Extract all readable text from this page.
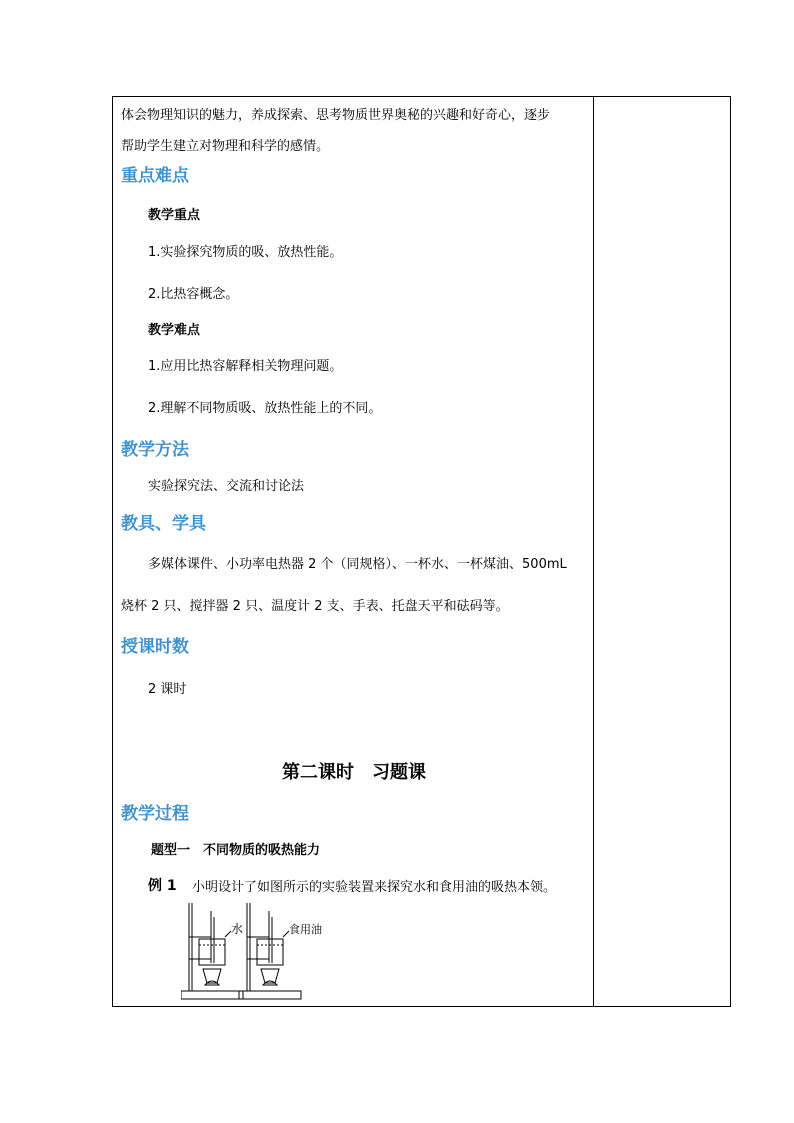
体会物理知识的魅力，养成探索、思考物质世界奥秘的兴趣和好奇心，逐步
帮助学生建立对物理和科学的感情。
重点难点
教学重点
1.实验探究物质的吸、放热性能。
2.比热容概念。
教学难点
1.应用比热容解释相关物理问题。
2.理解不同物质吸、放热性能上的不同。
教学方法
实验探究法、交流和讨论法
教具、学具
多媒体课件、小功率电热器 2 个（同规格）、一杯水、一杯煤油、500mL
烧杯 2 只、搅拌器 2 只、温度计 2 支、手表、托盘天平和砝码等。
授课时数
2 课时
第二课时　习题课
教学过程
题型一　不同物质的吸热能力
例 1 小明设计了如图所示的实验装置来探究水和食用油的吸热本领。
水	食用油
